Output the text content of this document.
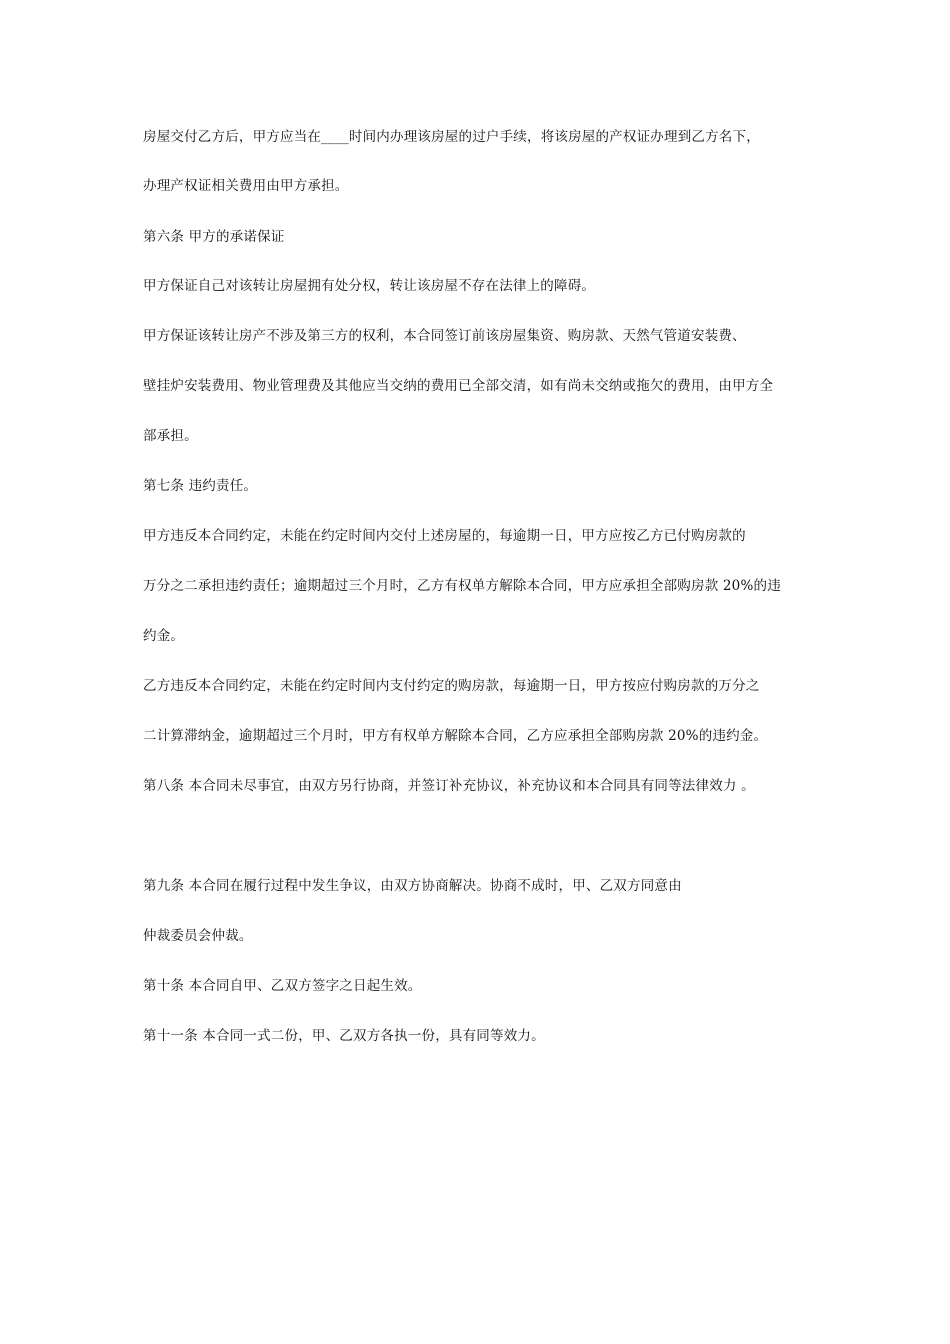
房屋交付乙方后，甲方应当在____时间内办理该房屋的过户手续，将该房屋的产权证办理到乙方名下，
办理产权证相关费用由甲方承担。
第六条 甲方的承诺保证
甲方保证自己对该转让房屋拥有处分权，转让该房屋不存在法律上的障碍。
甲方保证该转让房产不涉及第三方的权利，本合同签订前该房屋集资、购房款、天然气管道安装费、
壁挂炉安装费用、物业管理费及其他应当交纳的费用已全部交清，如有尚未交纳或拖欠的费用，由甲方全
部承担。
第七条 违约责任。
甲方违反本合同约定，未能在约定时间内交付上述房屋的，每逾期一日，甲方应按乙方已付购房款的
万分之二承担违约责任；逾期超过三个月时，乙方有权单方解除本合同，甲方应承担全部购房款 20%的违
约金。
乙方违反本合同约定，未能在约定时间内支付约定的购房款，每逾期一日，甲方按应付购房款的万分之
二计算滞纳金，逾期超过三个月时，甲方有权单方解除本合同，乙方应承担全部购房款 20%的违约金。
第八条 本合同未尽事宜，由双方另行协商，并签订补充协议，补充协议和本合同具有同等法律效力 。
第九条 本合同在履行过程中发生争议，由双方协商解决。协商不成时，甲、乙双方同意由
仲裁委员会仲裁。
第十条 本合同自甲、乙双方签字之日起生效。
第十一条 本合同一式二份，甲、乙双方各执一份，具有同等效力。
